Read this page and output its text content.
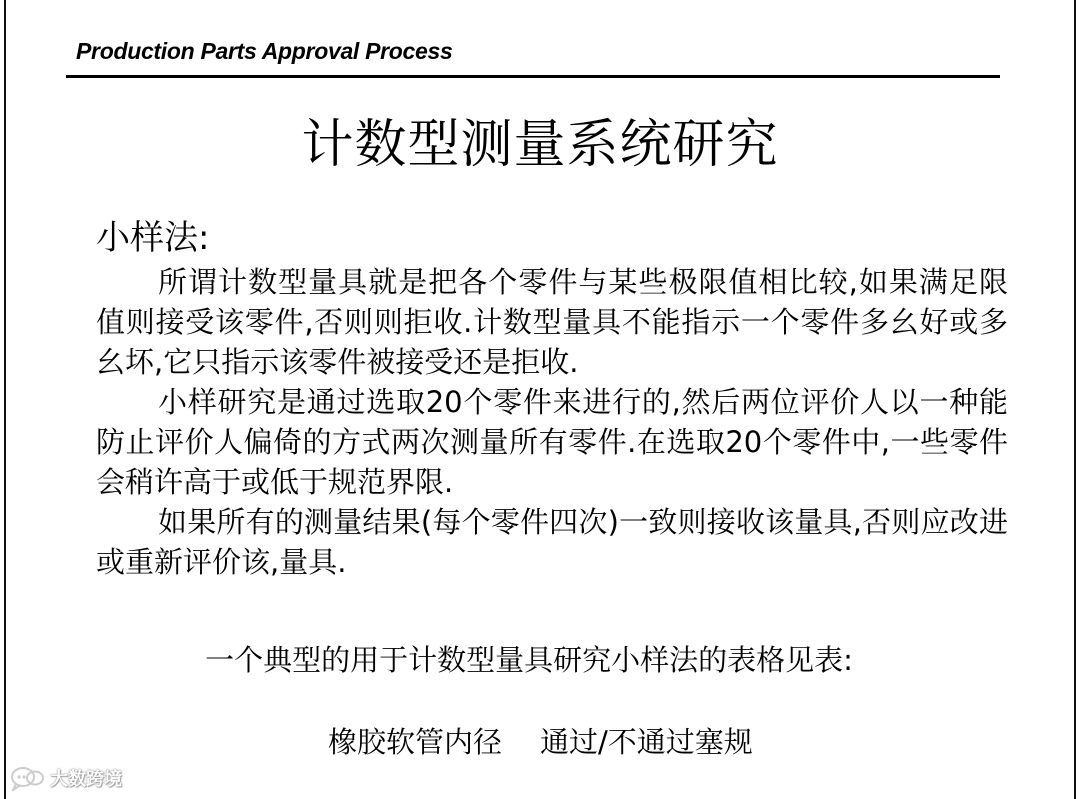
Production Parts Approval Process
计数型测量系统研究
小样法:

所谓计数型量具就是把各个零件与某些极限值相比较,如果满足限值则接受该零件,否则则拒收.计数型量具不能指示一个零件多幺好或多幺坏,它只指示该零件被接受还是拒收.

小样研究是通过选取20个零件来进行的,然后两位评价人以一种能防止评价人偏倚的方式两次测量所有零件.在选取20个零件中,一些零件会稍许高于或低于规范界限.

如果所有的测量结果(每个零件四次)一致则接收该量具,否则应改进或重新评价该,量具.

一个典型的用于计数型量具研究小样法的表格见表:
橡胶软管内径 通过/不通过塞规
大数跨境
